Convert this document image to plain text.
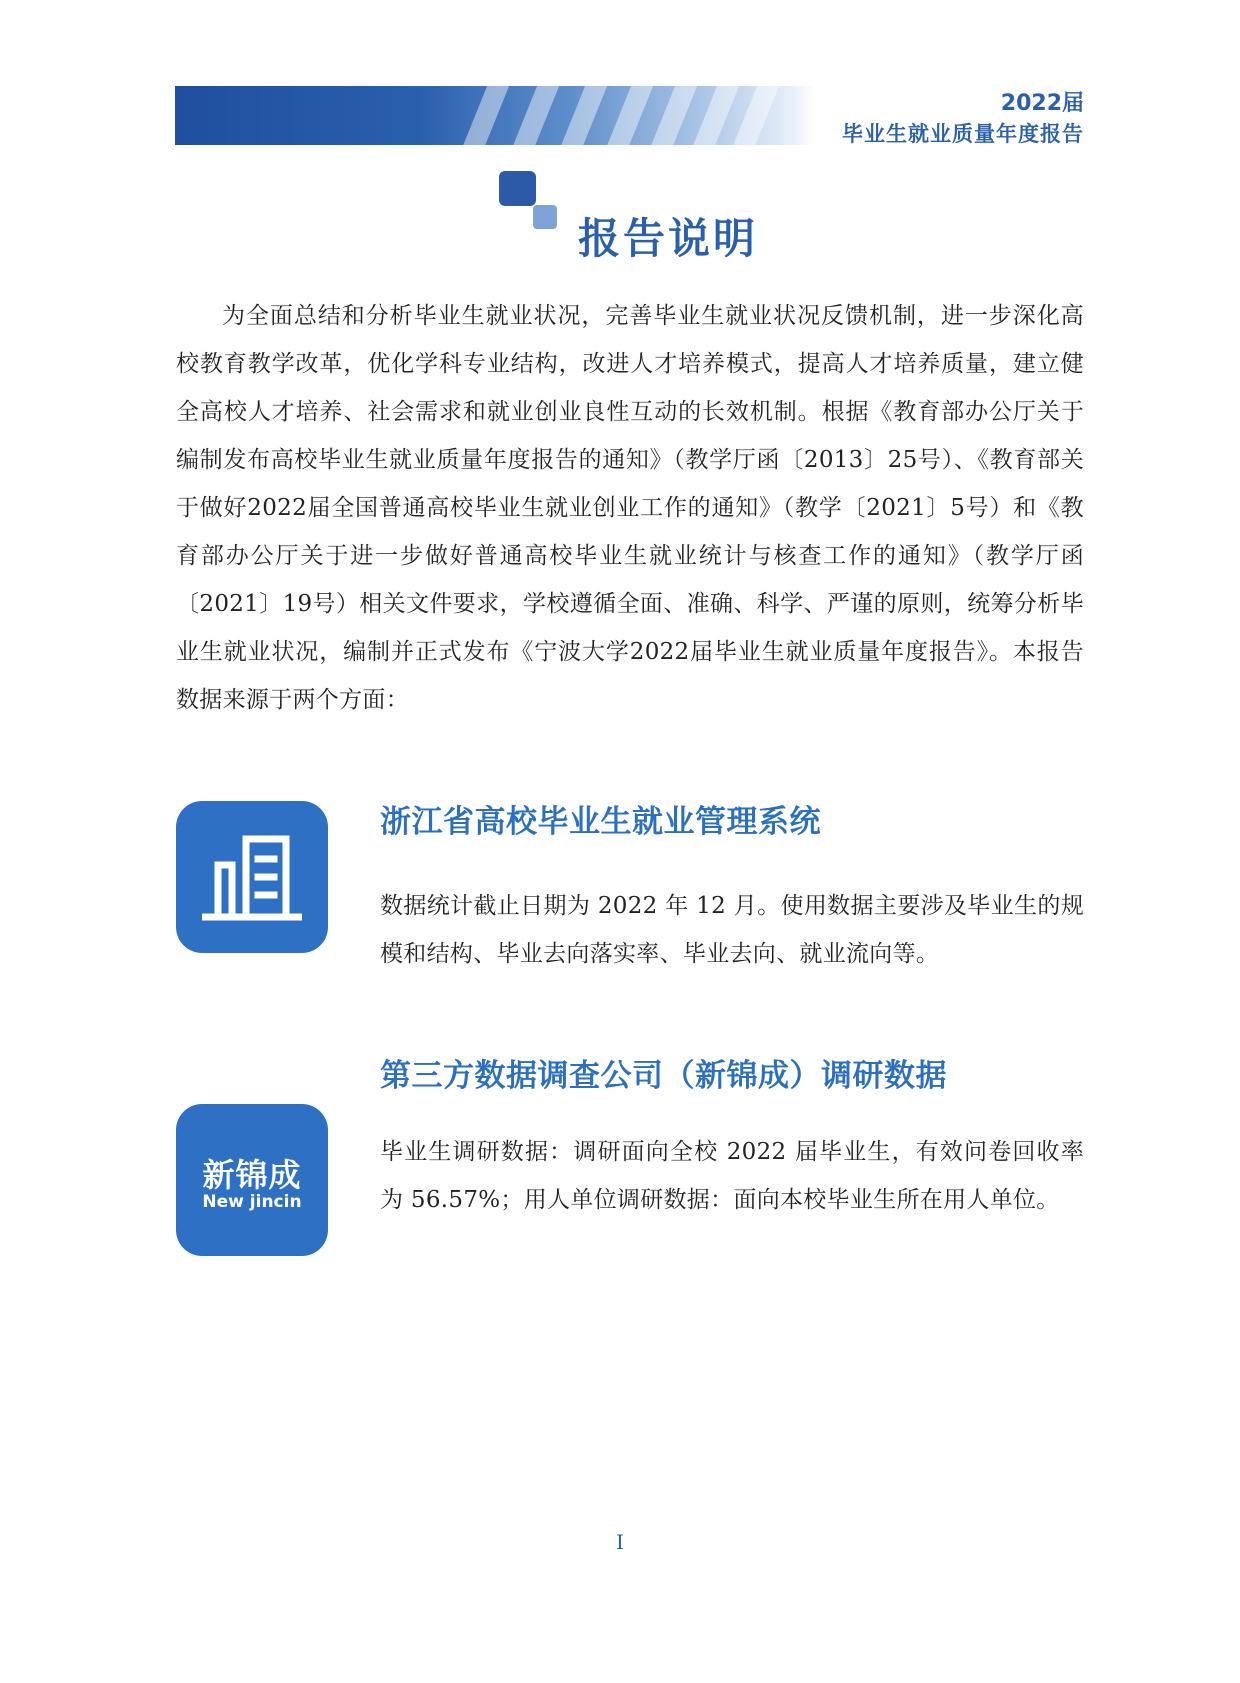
2022届
毕业生就业质量年度报告
报告说明

为全面总结和分析毕业生就业状况，完善毕业生就业状况反馈机制，进一步深化高校教育教学改革，优化学科专业结构，改进人才培养模式，提高人才培养质量，建立健全高校人才培养、社会需求和就业创业良性互动的长效机制。根据《教育部办公厅关于编制发布高校毕业生就业质量年度报告的通知》（教学厅函〔2013〕25号）、《教育部关于做好2022届全国普通高校毕业生就业创业工作的通知》（教学〔2021〕5号）和《教育部办公厅关于进一步做好普通高校毕业生就业统计与核查工作的通知》（教学厅函〔2021〕19号）相关文件要求，学校遵循全面、准确、科学、严谨的原则，统筹分析毕业生就业状况，编制并正式发布《宁波大学2022届毕业生就业质量年度报告》。本报告数据来源于两个方面：

浙江省高校毕业生就业管理系统

数据统计截止日期为 2022 年 12 月。使用数据主要涉及毕业生的规模和结构、毕业去向落实率、毕业去向、就业流向等。

第三方数据调查公司（新锦成）调研数据
新锦成
New jincin

毕业生调研数据：调研面向全校 2022 届毕业生，有效问卷回收率为 56.57%；用人单位调研数据：面向本校毕业生所在用人单位。

I
